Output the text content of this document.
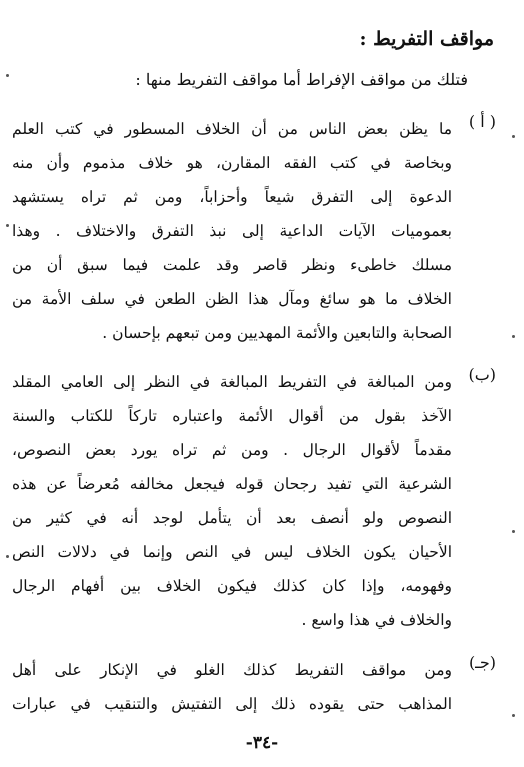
مواقف التفريط :
فتلك من مواقف الإفراط أما مواقف التفريط منها :
( أ )
ما يظن بعض الناس من أن الخلاف المسطور في كتب العلم
وبخاصة في كتب الفقه المقارن، هو خلاف مذموم وأن منه
الدعوة إلى التفرق شيعاً وأحزاباً، ومن ثم تراه يستشهد
بعموميات الآيات الداعية إلى نبذ التفرق والاختلاف . وهذا
مسلك خاطىء ونظر قاصر وقد علمت فيما سبق أن من
الخلاف ما هو سائغ ومآل هذا الظن الطعن في سلف الأمة من
الصحابة والتابعين والأئمة المهديين ومن تبعهم بإحسان .
(ب)
ومن المبالغة في التفريط المبالغة في النظر إلى العامي المقلد
الآخذ بقول من أقوال الأئمة واعتباره تاركاً للكتاب والسنة
مقدماً لأقوال الرجال . ومن ثم تراه يورد بعض النصوص،
الشرعية التي تفيد رجحان قوله فيجعل مخالفه مُعرضاً عن هذه
النصوص ولو أنصف بعد أن يتأمل لوجد أنه في كثير من
الأحيان يكون الخلاف ليس في النص وإنما في دلالات النص
وفهومه، وإذا كان كذلك فيكون الخلاف بين أفهام الرجال
والخلاف في هذا واسع .
(جـ)
ومن مواقف التفريط كذلك الغلو في الإنكار على أهل
المذاهب حتى يقوده ذلك إلى التفتيش والتنقيب في عبارات
-٣٤-
